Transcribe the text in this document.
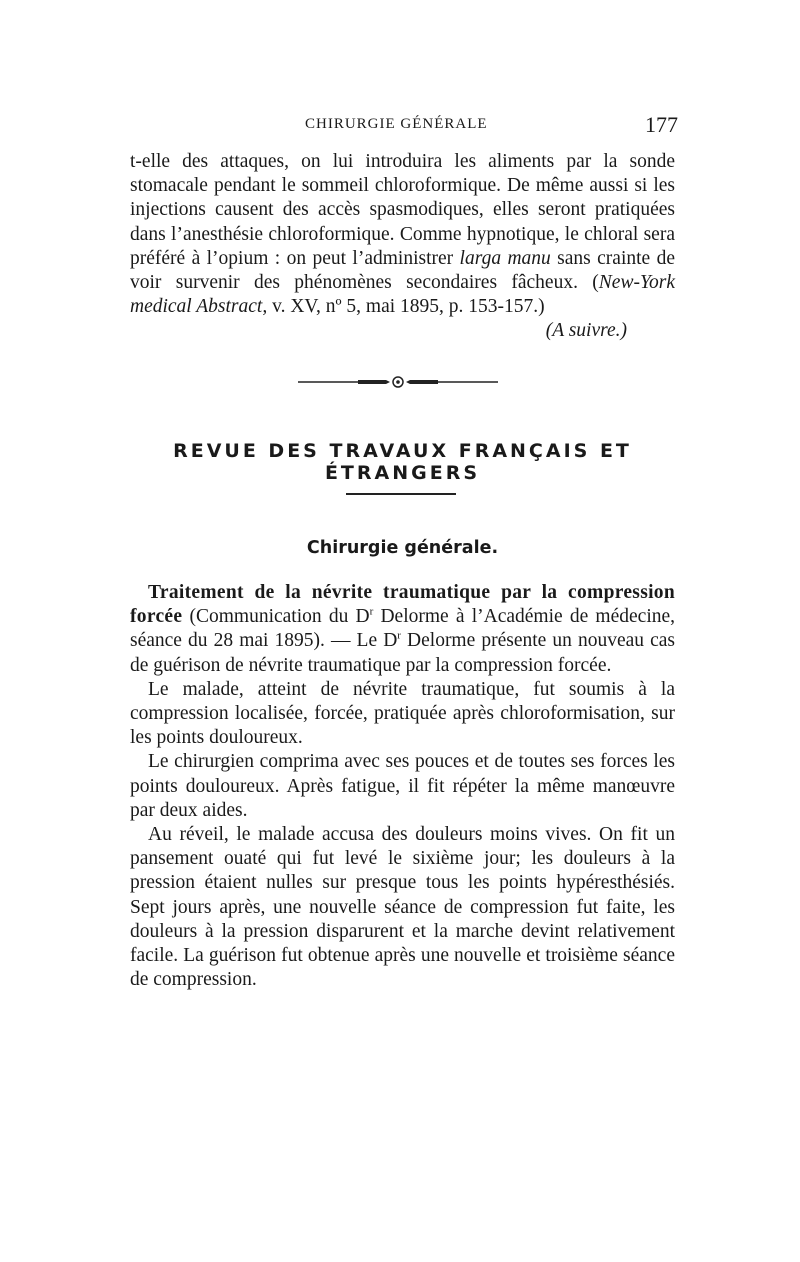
CHIRURGIE GÉNÉRALE	177

t-elle des attaques, on lui introduira les aliments par la sonde stomacale pendant le sommeil chloroformique. De même aussi si les injections causent des accès spasmodiques, elles seront pratiquées dans l’anesthésie chloroformique. Comme hypnotique, le chloral sera préféré à l’opium : on peut l’administrer larga manu sans crainte de voir survenir des phénomènes secondaires fâcheux. (New-York medical Abstract, v. XV, nº 5, mai 1895, p. 153-157.)

(A suivre.)
REVUE DES TRAVAUX FRANÇAIS ET ÉTRANGERS
Chirurgie générale.

Traitement de la névrite traumatique par la compression forcée (Communication du $D^r$ Delorme à l’Académie de médecine, séance du 28 mai 1895). — Le $D^r$ Delorme présente un nouveau cas de guérison de névrite traumatique par la compression forcée.

Le malade, atteint de névrite traumatique, fut soumis à la compression localisée, forcée, pratiquée après chloroformisation, sur les points douloureux.

Le chirurgien comprima avec ses pouces et de toutes ses forces les points douloureux. Après fatigue, il fit répéter la même manœuvre par deux aides.

Au réveil, le malade accusa des douleurs moins vives. On fit un pansement ouaté qui fut levé le sixième jour; les douleurs à la pression étaient nulles sur presque tous les points hypéresthésiés. Sept jours après, une nouvelle séance de compression fut faite, les douleurs à la pression disparurent et la marche devint relativement facile. La guérison fut obtenue après une nouvelle et troisième séance de compression.
